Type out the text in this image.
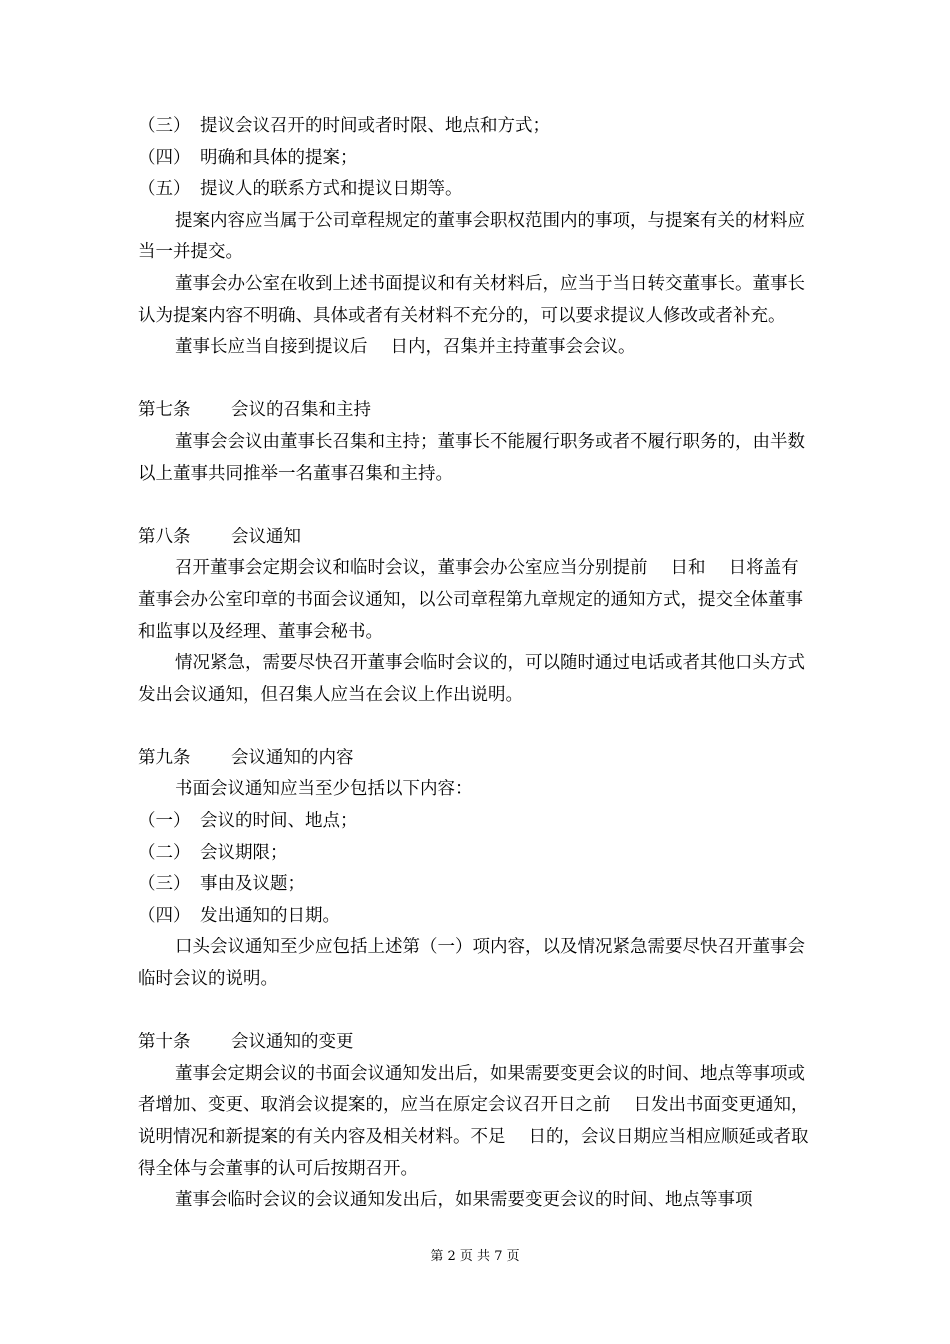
（三） 提议会议召开的时间或者时限、地点和方式；

（四） 明确和具体的提案；

（五） 提议人的联系方式和提议日期等。

提案内容应当属于公司章程规定的董事会职权范围内的事项，与提案有关的材料应当一并提交。

董事会办公室在收到上述书面提议和有关材料后，应当于当日转交董事长。董事长认为提案内容不明确、具体或者有关材料不充分的，可以要求提议人修改或者补充。

董事长应当自接到提议后 　日内，召集并主持董事会会议。

第七条 会议的召集和主持

董事会会议由董事长召集和主持；董事长不能履行职务或者不履行职务的，由半数以上董事共同推举一名董事召集和主持。

第八条 会议通知

召开董事会定期会议和临时会议，董事会办公室应当分别提前 　日和 　日将盖有董事会办公室印章的书面会议通知，以公司章程第九章规定的通知方式，提交全体董事和监事以及经理、董事会秘书。

情况紧急，需要尽快召开董事会临时会议的，可以随时通过电话或者其他口头方式发出会议通知，但召集人应当在会议上作出说明。

第九条 会议通知的内容

书面会议通知应当至少包括以下内容：

（一） 会议的时间、地点；

（二） 会议期限；

（三） 事由及议题；

（四） 发出通知的日期。

口头会议通知至少应包括上述第（一）项内容，以及情况紧急需要尽快召开董事会临时会议的说明。

第十条 会议通知的变更

董事会定期会议的书面会议通知发出后，如果需要变更会议的时间、地点等事项或者增加、变更、取消会议提案的，应当在原定会议召开日之前 　日发出书面变更通知，说明情况和新提案的有关内容及相关材料。不足 　日的，会议日期应当相应顺延或者取得全体与会董事的认可后按期召开。

董事会临时会议的会议通知发出后，如果需要变更会议的时间、地点等事项

第 2 页 共 7 页
